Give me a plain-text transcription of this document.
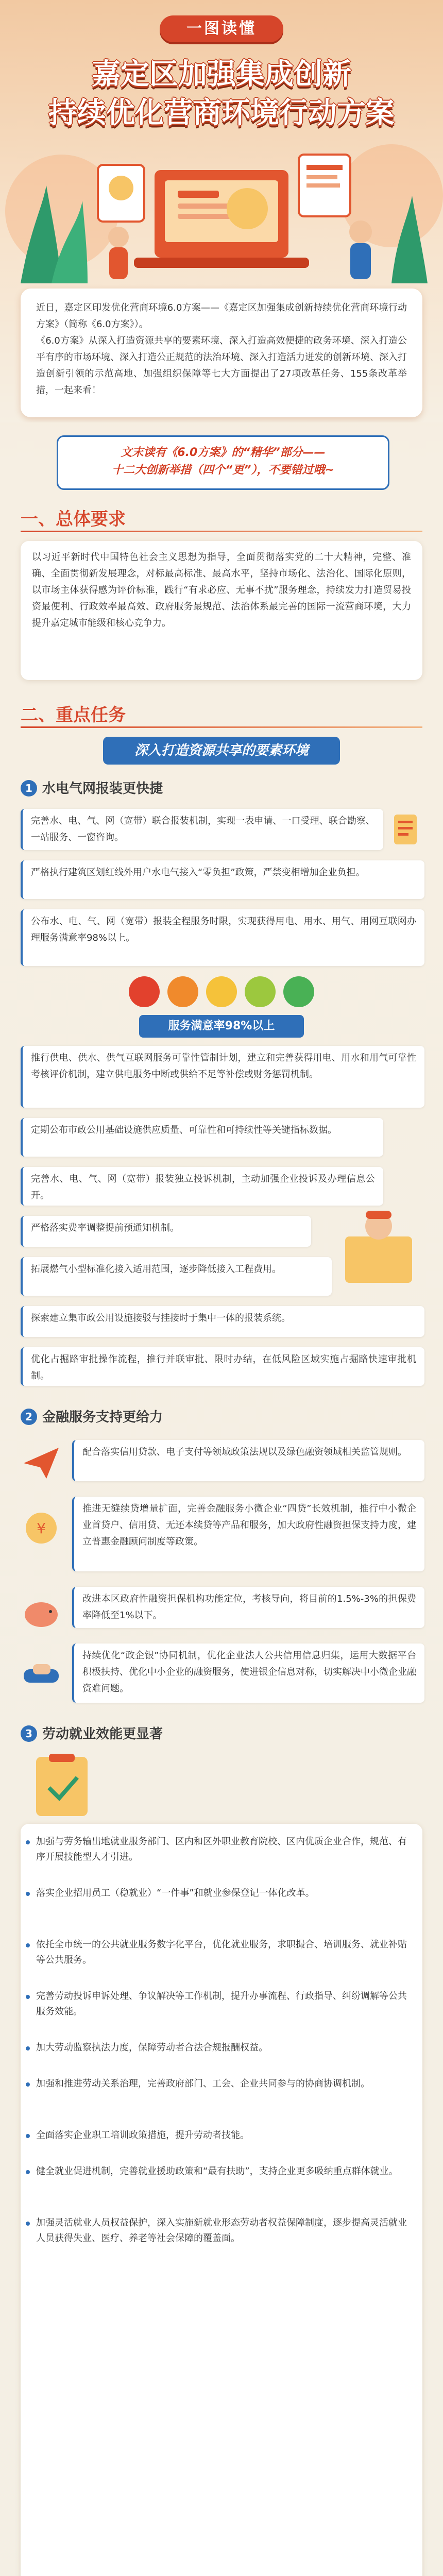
一图读懂
嘉定区加强集成创新
持续优化营商环境行动方案
近日，嘉定区印发优化营商环境6.0方案——《嘉定区加强集成创新持续优化营商环境行动方案》（简称《6.0方案》）。
《6.0方案》从深入打造资源共享的要素环境、深入打造高效便捷的政务环境、深入打造公平有序的市场环境、深入打造公正规范的法治环境、深入打造活力迸发的创新环境、深入打造创新引领的示范高地、加强组织保障等七大方面提出了27项改革任务、155条改革举措，一起来看！
文末读有《6.0方案》的“精华”部分——
十二大创新举措（四个“更”），不要错过哦~
一、总体要求
以习近平新时代中国特色社会主义思想为指导，全面贯彻落实党的二十大精神，完整、准确、全面贯彻新发展理念，对标最高标准、最高水平，坚持市场化、法治化、国际化原则，以市场主体获得感为评价标准，践行“有求必应、无事不扰”服务理念，持续发力打造贸易投资最便利、行政效率最高效、政府服务最规范、法治体系最完善的国际一流营商环境，大力提升嘉定城市能级和核心竞争力。
二、重点任务
深入打造资源共享的要素环境
1 水电气网报装更快捷
完善水、电、气、网（宽带）联合报装机制，实现一表申请、一口受理、联合勘察、一站服务、一窗咨询。
严格执行建筑区划红线外用户水电气接入“零负担”政策，严禁变相增加企业负担。
公布水、电、气、网（宽带）报装全程服务时限，实现获得用电、用水、用气、用网互联网办理服务满意率98%以上。
服务满意率98%以上
推行供电、供水、供气互联网服务可靠性管制计划，建立和完善获得用电、用水和用气可靠性考核评价机制，建立供电服务中断或供给不足等补偿或财务惩罚机制。
定期公布市政公用基础设施供应质量、可靠性和可持续性等关键指标数据。
完善水、电、气、网（宽带）报装独立投诉机制，主动加强企业投诉及办理信息公开。
严格落实费率调整提前预通知机制。
拓展燃气小型标准化接入适用范围，逐步降低接入工程费用。
探索建立集市政公用设施接驳与挂接时于集中一体的报装系统。
优化占掘路审批操作流程，推行并联审批、限时办结，在低风险区域实施占掘路快速审批机制。
2 金融服务支持更给力
配合落实信用贷款、电子支付等领域政策法规以及绿色融资领域相关监管规则。
¥
推进无缝续贷增量扩面，完善金融服务小微企业“四贷”长效机制，推行中小微企业首贷户、信用贷、无还本续贷等产品和服务，加大政府性融资担保支持力度，建立普惠金融顾问制度等政策。
改进本区政府性融资担保机构功能定位，考核导向，将目前的1.5%-3%的担保费率降低至1%以下。
持续优化“政企银”协同机制，优化企业法人公共信用信息归集，运用大数据平台积极扶持、优化中小企业的融资服务，使进银企信息对称，切实解决中小微企业融资难问题。
3 劳动就业效能更显著
加强与劳务输出地就业服务部门、区内和区外职业教育院校、区内优质企业合作，规范、有序开展技能型人才引进。
落实企业招用员工（稳就业）“一件事”和就业参保登记一体化改革。
依托全市统一的公共就业服务数字化平台，优化就业服务，求职撮合、培训服务、就业补贴等公共服务。
完善劳动投诉申诉处理、争议解决等工作机制，提升办事流程、行政指导、纠纷调解等公共服务效能。
加大劳动监察执法力度，保障劳动者合法合规报酬权益。
加强和推进劳动关系治理，完善政府部门、工会、企业共同参与的协商协调机制。
全面落实企业职工培训政策措施，提升劳动者技能。
健全就业促进机制，完善就业援助政策和“最有扶助”，支持企业更多吸纳重点群体就业。
加强灵活就业人员权益保护，深入实施新就业形态劳动者权益保障制度，逐步提高灵活就业人员获得失业、医疗、养老等社会保障的覆盖面。
